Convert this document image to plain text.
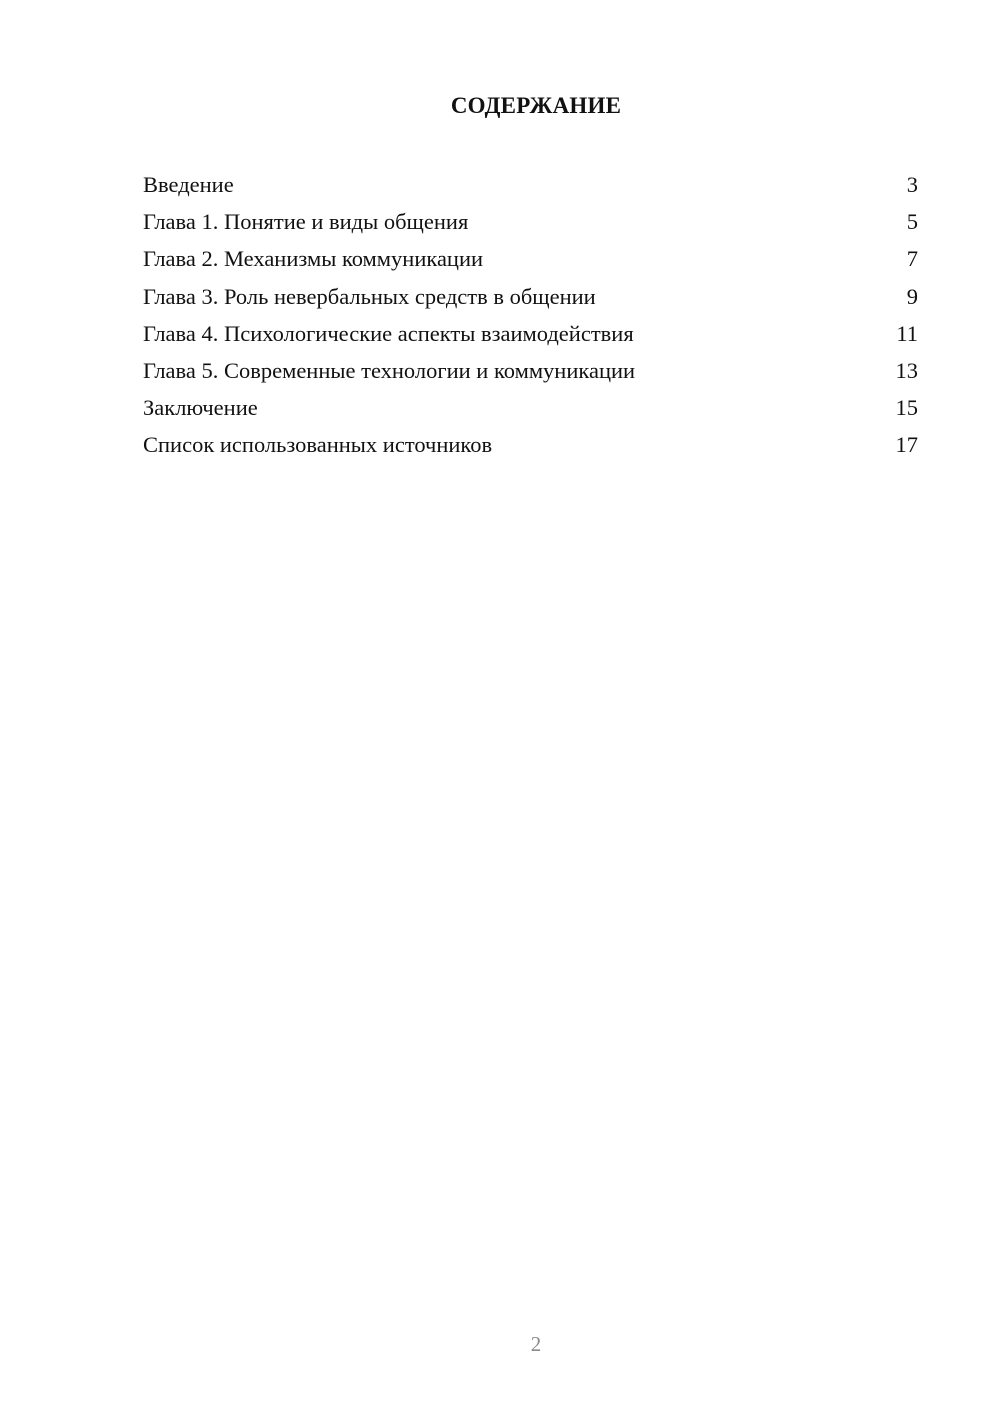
СОДЕРЖАНИЕ
Введение	3
Глава 1. Понятие и виды общения	5
Глава 2. Механизмы коммуникации	7
Глава 3. Роль невербальных средств в общении	9
Глава 4. Психологические аспекты взаимодействия	11
Глава 5. Современные технологии и коммуникации	13
Заключение	15
Список использованных источников	17
2
